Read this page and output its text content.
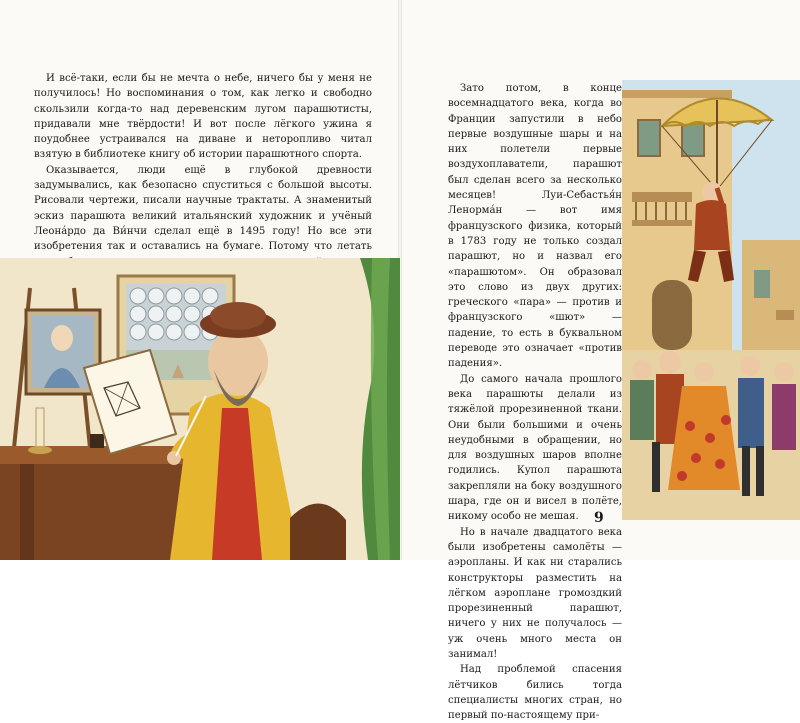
И всё-таки, если бы не мечта о небе, ничего бы у меня не получилось! Но воспоминания о том, как легко и свободно скользили когда-то над деревенским лугом парашютисты, придавали мне твёрдости! И вот после лёгкого ужина я поудобнее устраивался на диване и неторопливо читал взятую в библиотеке книгу об истории парашютного спорта.

Оказывается, люди ещё в глубокой древности задумывались, как безопасно спуститься с большой высоты. Рисовали чертежи, писали научные трактаты. А знаменитый эскиз парашюта великий итальянский художник и учёный Леона́рдо да Ви́нчи сделал ещё в 1495 году! Но все эти изобретения так и оставались на бумаге. Потому что летать

Зато потом, в конце восемнадцатого века, когда во Франции запустили в небо первые воздушные шары и на них полетели первые воздухоплаватели, парашют был сделан всего за несколько месяцев! Луи-Себастья́н Ленорма́н — вот имя французского физика, который в 1783 году не только создал парашют, но и назвал его «парашютом». Он образовал это слово из двух других: греческого «пара» — против и французского «шют» — падение, то есть в буквальном переводе это означает «против падения».

До самого начала прошлого века парашюты делали из тяжёлой прорезиненной ткани. Они были большими и очень неудобными в обращении, но для воздушных шаров вполне годились. Купол парашюта закрепляли на боку воздушного шара, где он и висел в полёте, никому особо не мешая.

Но в начале двадцатого века были изобретены самолёты — аэропланы. И как ни старались конструкторы разместить на лёгком аэроплане громоздкий прорезиненный парашют, ничего у них не получалось — уж очень много места он занимал!

Над проблемой спасения лётчиков бились тогда специалисты многих стран, но первый по-настоящему при-

9
